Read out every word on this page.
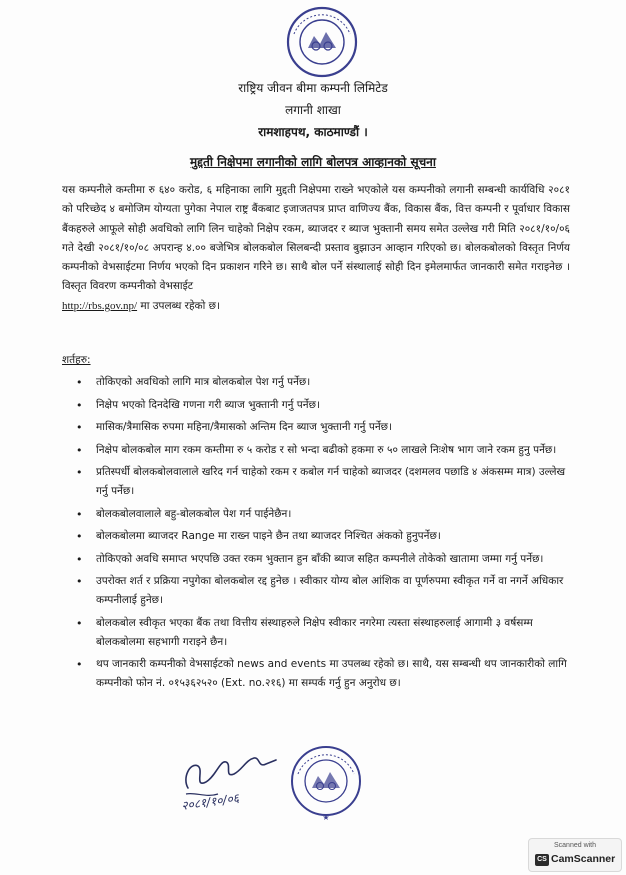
राष्ट्रिय जीवन बीमा कम्पनी लिमिटेड
लगानी शाखा
रामशाहपथ, काठमाण्डौं ।
मुद्दती निक्षेपमा लगानीको लागि बोलपत्र आव्हानको सूचना
यस कम्पनीले कम्तीमा रु ६४० करोड, ६ महिनाका लागि मुद्दती निक्षेपमा राख्ने भएकोले यस कम्पनीको लगानी सम्बन्धी कार्यविधि २०८१ को परिच्छेद ४ बमोजिम योग्यता पुगेका नेपाल राष्ट्र बैंकबाट इजाजतपत्र प्राप्त वाणिज्य बैंक, विकास बैंक, वित्त कम्पनी र पूर्वाधार विकास बैंकहरुले आफूले सोही अवधिको लागि लिन चाहेको निक्षेप रकम, ब्याजदर र ब्याज भुक्तानी समय समेत उल्लेख गरी मिति २०८१/१०/०६ गते देखी २०८१/१०/०८ अपरान्ह ४.०० बजेभित्र बोलकबोल सिलबन्दी प्रस्ताव बुझाउन आव्हान गरिएको छ। बोलकबोलको विस्तृत निर्णय कम्पनीको वेभसाईटमा निर्णय भएको दिन प्रकाशन गरिने छ। साथै बोल पर्ने संस्थालाई सोही दिन इमेलमार्फत जानकारी समेत गराइनेछ । विस्तृत विवरण कम्पनीको वेभसाईट
http://rbs.gov.np/ मा उपलब्ध रहेको छ।
शर्तहरु:
• तोकिएको अवधिको लागि मात्र बोलकबोल पेश गर्नु पर्नेछ।
• निक्षेप भएको दिनदेखि गणना गरी ब्याज भुक्तानी गर्नु पर्नेछ।
• मासिक/त्रैमासिक रुपमा महिना/त्रैमासको अन्तिम दिन ब्याज भुक्तानी गर्नु पर्नेछ।
• निक्षेप बोलकबोल माग रकम कम्तीमा रु ५ करोड र सो भन्दा बढीको हकमा रु ५० लाखले निःशेष भाग जाने रकम हुनु पर्नेछ।
• प्रतिस्पर्धी बोलकबोलवालाले खरिद गर्न चाहेको रकम र कबोल गर्न चाहेको ब्याजदर (दशमलव पछाडि ४ अंकसम्म मात्र) उल्लेख गर्नु पर्नेछ।
• बोलकबोलवालाले बहु-बोलकबोल पेश गर्न पाईनेछैन।
• बोलकबोलमा ब्याजदर Range मा राख्न पाइने छैन तथा ब्याजदर निश्चित अंकको हुनुपर्नेछ।
• तोकिएको अवधि समाप्त भएपछि उक्त रकम भुक्तान हुन बाँकी ब्याज सहित कम्पनीले तोकेको खातामा जम्मा गर्नु पर्नेछ।
• उपरोक्त शर्त र प्रक्रिया नपुगेका बोलकबोल रद्द हुनेछ । स्वीकार योग्य बोल आंशिक वा पूर्णरुपमा स्वीकृत गर्ने वा नगर्ने अधिकार कम्पनीलाई हुनेछ।
• बोलकबोल स्वीकृत भएका बैंक तथा वित्तीय संस्थाहरुले निक्षेप स्वीकार नगरेमा त्यस्ता संस्थाहरुलाई आगामी ३ वर्षसम्म बोलकबोलमा सहभागी गराइने छैन।
• थप जानकारी कम्पनीको वेभसाईटको news and events मा उपलब्ध रहेको छ। साथै, यस सम्बन्धी थप जानकारीको लागि कम्पनीको फोन नं. ०१५३६२५२० (Ext. no.२१६) मा सम्पर्क गर्नु हुन अनुरोध छ।
२०८१/१०/०६
★
Scanned with
CS CamScanner
